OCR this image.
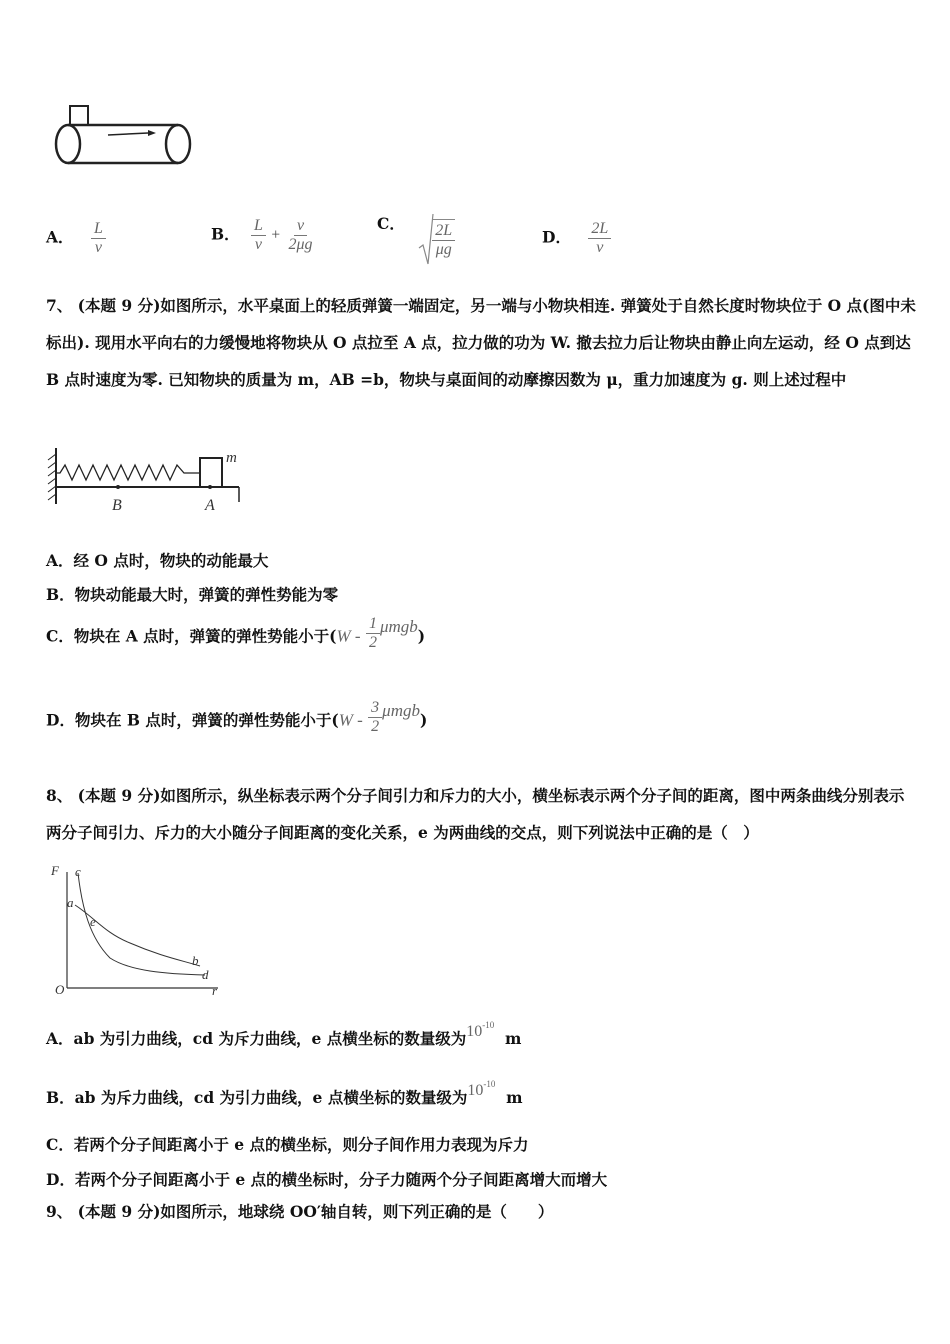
A． $\frac{L}{v}$	B． $\frac{L}{v} + \frac{v}{2\mu g}$	C． $\frac{2L}{\mu g}$	D． $\frac{2L}{v}$
7、 (本题 9 分)如图所示，水平桌面上的轻质弹簧一端固定，另一端与小物块相连. 弹簧处于自然长度时物块位于 O 点(图中未标出). 现用水平向右的力缓慢地将物块从 O 点拉至 A 点，拉力做的功为 W. 撤去拉力后让物块由静止向左运动，经 O 点到达 B 点时速度为零. 已知物块的质量为 m，AB =b，物块与桌面间的动摩擦因数为 μ，重力加速度为 g. 则上述过程中
m
B	A
A．经 O 点时，物块的动能最大
B．物块动能最大时，弹簧的弹性势能为零
C．物块在 A 点时，弹簧的弹性势能小于$(W - \frac{1}{2} \mu mgb)$
D．物块在 B 点时，弹簧的弹性势能小于$(W - \frac{3}{2} \mu mgb)$
8、 (本题 9 分)如图所示，纵坐标表示两个分子间引力和斥力的大小，横坐标表示两个分子间的距离，图中两条曲线分别表示两分子间引力、斥力的大小随分子间距离的变化关系，e 为两曲线的交点，则下列说法中正确的是（　）
F c
a
e
b
d
O	r
A．ab 为引力曲线，cd 为斥力曲线，e 点横坐标的数量级为$10^{-10}$  m
B．ab 为斥力曲线，cd 为引力曲线，e 点横坐标的数量级为$10^{-10}$  m
C．若两个分子间距离小于 e 点的横坐标，则分子间作用力表现为斥力
D．若两个分子间距离小于 e 点的横坐标时，分子力随两个分子间距离增大而增大
9、 (本题 9 分)如图所示，地球绕 OO′轴自转，则下列正确的是（　　）
